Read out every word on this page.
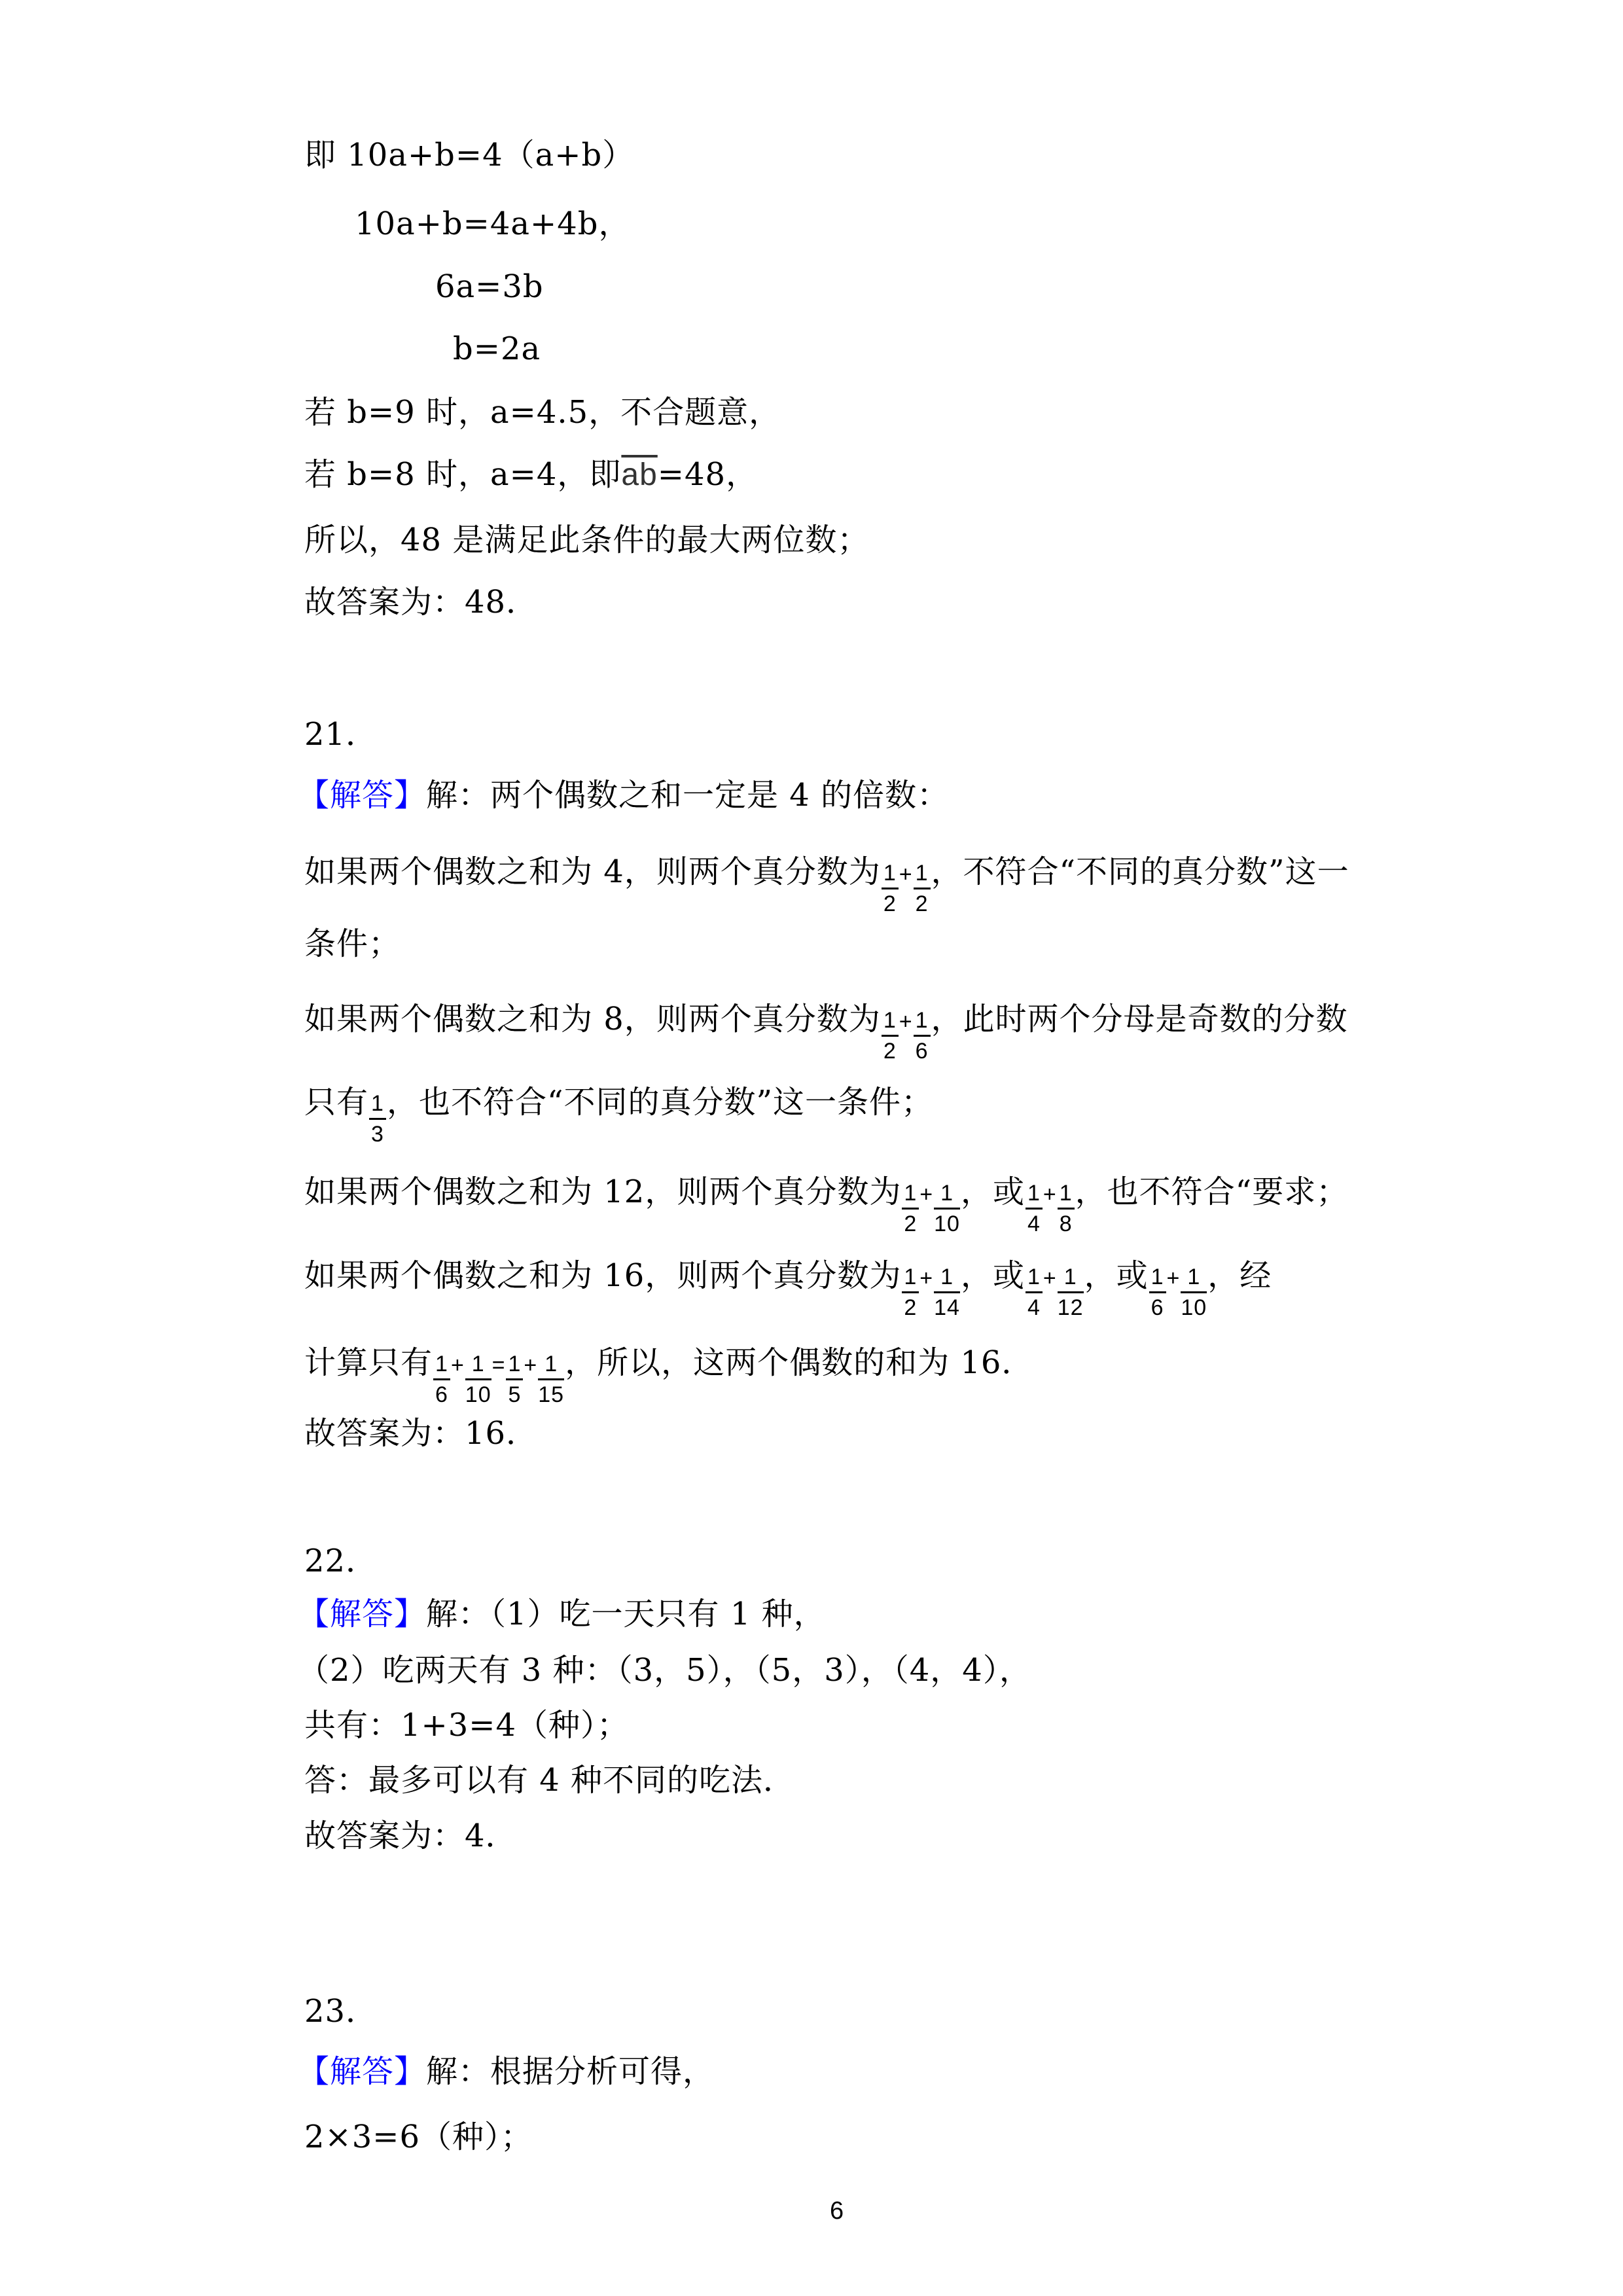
即 10a+b=4（a+b）
10a+b=4a+4b，
6a=3b
b=2a
若 b=9 时，a=4.5，不合题意，
若 b=8 时，a=4，即$\overline{ab}=48$，
所以，48 是满足此条件的最大两位数；
故答案为：48．
21．
【解答】解：两个偶数之和一定是 4 的倍数：
如果两个偶数之和为 4，则两个真分数为 $\frac{1}{2} + \frac{1}{2}$ ，不符合“不同的真分数”这一
条件；
如果两个偶数之和为 8，则两个真分数为 $\frac{1}{2} + \frac{1}{6}$ ，此时两个分母是奇数的分数
只有 $\frac{1}{3}$ ，也不符合“不同的真分数”这一条件；
如果两个偶数之和为 12，则两个真分数为 $\frac{1}{2} + \frac{1}{10}$ ，或 $\frac{1}{4} + \frac{1}{8}$ ，也不符合“要求；
如果两个偶数之和为 16，则两个真分数为 $\frac{1}{2} + \frac{1}{14}$ ，或 $\frac{1}{4} + \frac{1}{12}$ ，或 $\frac{1}{6} + \frac{1}{10}$ ，经
计算只有 $\frac{1}{6} + \frac{1}{10} = \frac{1}{5} + \frac{1}{15}$ ，所以，这两个偶数的和为 16．
故答案为：16．
22．
【解答】解：（1）吃一天只有 1 种，
（2）吃两天有 3 种：（3，5），（5，3），（4，4），
共有：1+3=4（种）；
答：最多可以有 4 种不同的吃法．
故答案为：4．
23．
【解答】解：根据分析可得，
2×3=6（种）；
6
